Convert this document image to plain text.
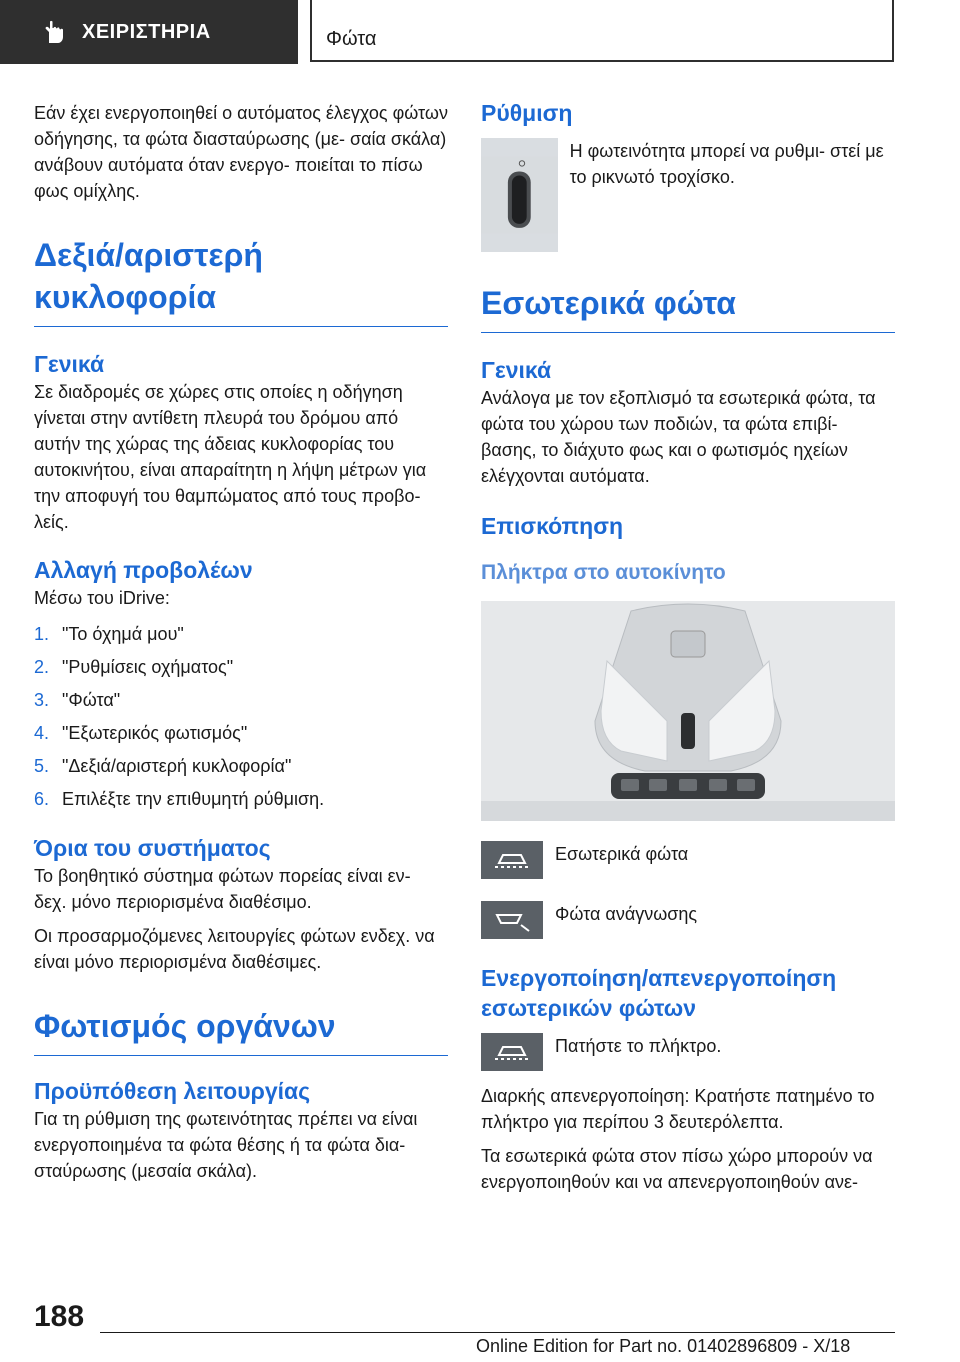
ΧΕΙΡΙΣΤΗΡΙΑ	Φώτα

Εάν έχει ενεργοποιηθεί ο αυτόματος έλεγχος φώτων οδήγησης, τα φώτα διασταύρωσης (με- σαία σκάλα) ανάβουν αυτόματα όταν ενεργο- ποιείται το πίσω φως ομίχλης.

Δεξιά/αριστερή κυκλοφορία
Γενικά

Σε διαδρομές σε χώρες στις οποίες η οδήγηση γίνεται στην αντίθετη πλευρά του δρόμου από αυτήν της χώρας της άδειας κυκλοφορίας του αυτοκινήτου, είναι απαραίτητη η λήψη μέτρων για την αποφυγή του θαμπώματος από τους προβο- λείς.

Αλλαγή προβολέων

Μέσω του iDrive:

1. "Το όχημά μου"
2. "Ρυθμίσεις οχήματος"
3. "Φώτα"
4. "Εξωτερικός φωτισμός"
5. "Δεξιά/αριστερή κυκλοφορία"
6. Επιλέξτε την επιθυμητή ρύθμιση.
Όρια του συστήματος

Το βοηθητικό σύστημα φώτων πορείας είναι εν- δεχ. μόνο περιορισμένα διαθέσιμο.

Οι προσαρμοζόμενες λειτουργίες φώτων ενδεχ. να είναι μόνο περιορισμένα διαθέσιμες.

Φωτισμός οργάνων
Προϋπόθεση λειτουργίας

Για τη ρύθμιση της φωτεινότητας πρέπει να είναι ενεργοποιημένα τα φώτα θέσης ή τα φώτα δια- σταύρωσης (μεσαία σκάλα).

Ρύθμιση

Η φωτεινότητα μπορεί να ρυθμι- στεί με το ρικνωτό τροχίσκο.

Εσωτερικά φώτα
Γενικά

Ανάλογα με τον εξοπλισμό τα εσωτερικά φώτα, τα φώτα του χώρου των ποδιών, τα φώτα επιβί- βασης, το διάχυτο φως και ο φωτισμός ηχείων ελέγχονται αυτόματα.

Επισκόπηση
Πλήκτρα στο αυτοκίνητο

Εσωτερικά φώτα

Φώτα ανάγνωσης

Ενεργοποίηση/απενεργοποίηση εσωτερικών φώτων

Πατήστε το πλήκτρο.

Διαρκής απενεργοποίηση: Κρατήστε πατημένο το πλήκτρο για περίπου 3 δευτερόλεπτα.

Τα εσωτερικά φώτα στον πίσω χώρο μπορούν να ενεργοποιηθούν και να απενεργοποιηθούν ανε-

188
Online Edition for Part no. 01402896809 - X/18
